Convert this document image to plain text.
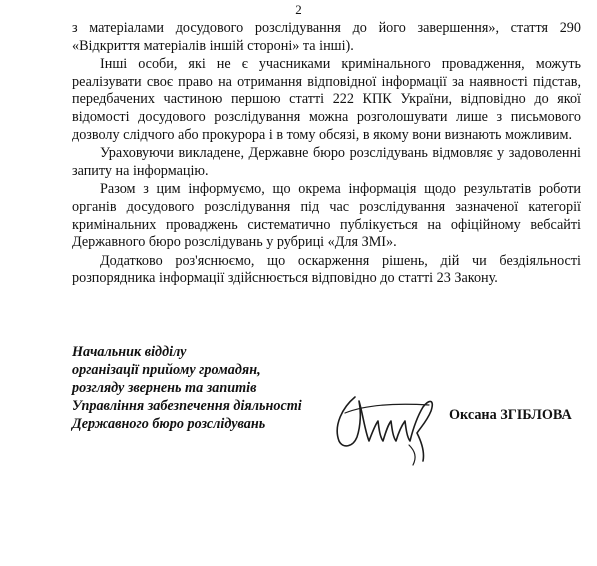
2

з матеріалами досудового розслідування до його завершення», стаття 290 «Відкриття матеріалів іншій стороні» та інші).

Інші особи, які не є учасниками кримінального провадження, можуть реалізувати своє право на отримання відповідної інформації за наявності підстав, передбачених частиною першою статті 222 КПК України, відповідно до якої відомості досудового розслідування можна розголошувати лише з письмового дозволу слідчого або прокурора і в тому обсязі, в якому вони визнають можливим.

Ураховуючи викладене, Державне бюро розслідувань відмовляє у задоволенні запиту на інформацію.

Разом з цим інформуємо, що окрема інформація щодо результатів роботи органів досудового розслідування під час розслідування зазначеної категорії кримінальних проваджень систематично публікується на офіційному вебсайті Державного бюро розслідувань у рубриці «Для ЗМІ».

Додатково роз'яснюємо, що оскарження рішень, дій чи бездіяльності розпорядника інформації здійснюється відповідно до статті 23 Закону.

Начальник відділу
організації прийому громадян,
розгляду звернень та запитів
Управління забезпечення діяльності
Державного бюро розслідувань
Оксана ЗГІБЛОВА
